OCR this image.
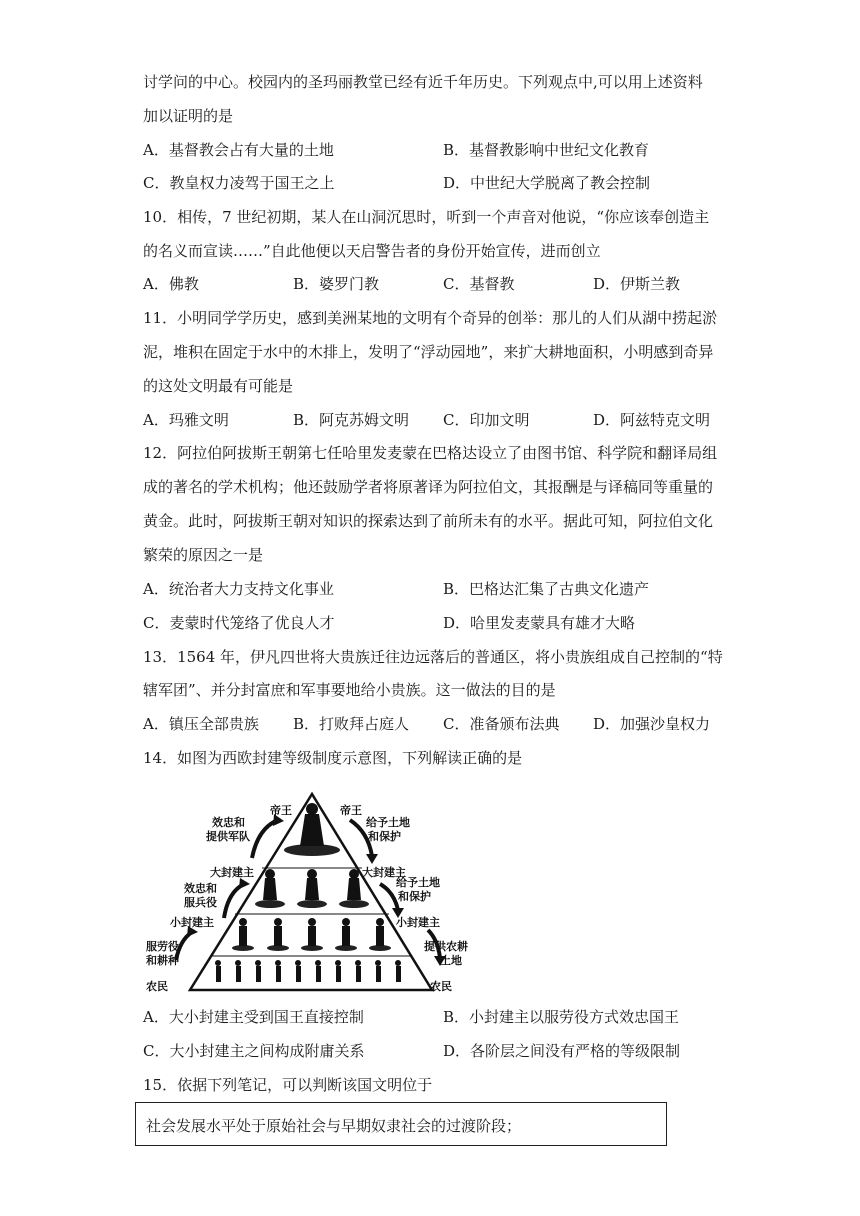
讨学问的中心。校园内的圣玛丽教堂已经有近千年历史。下列观点中,可以用上述资料
加以证明的是
A．基督教会占有大量的土地	B．基督教影响中世纪文化教育
C．教皇权力凌驾于国王之上	D．中世纪大学脱离了教会控制
10．相传，7 世纪初期，某人在山洞沉思时，听到一个声音对他说，“你应该奉创造主
的名义而宣读……”自此他便以天启警告者的身份开始宣传，进而创立
A．佛教	B．婆罗门教	C．基督教	D．伊斯兰教
11．小明同学学历史，感到美洲某地的文明有个奇异的创举：那儿的人们从湖中捞起淤
泥，堆积在固定于水中的木排上，发明了“浮动园地”，来扩大耕地面积，小明感到奇异
的这处文明最有可能是
A．玛雅文明	B．阿克苏姆文明 C．印加文明	D．阿兹特克文明
12．阿拉伯阿拔斯王朝第七任哈里发麦蒙在巴格达设立了由图书馆、科学院和翻译局组
成的著名的学术机构；他还鼓励学者将原著译为阿拉伯文，其报酬是与译稿同等重量的
黄金。此时，阿拔斯王朝对知识的探索达到了前所未有的水平。据此可知，阿拉伯文化
繁荣的原因之一是
A．统治者大力支持文化事业	B．巴格达汇集了古典文化遗产
C．麦蒙时代笼络了优良人才	D．哈里发麦蒙具有雄才大略
13．1564 年，伊凡四世将大贵族迁往边远落后的普通区，将小贵族组成自己控制的“特
辖军团”、并分封富庶和军事要地给小贵族。这一做法的目的是
A．镇压全部贵族 B．打败拜占庭人 C．准备颁布法典 D．加强沙皇权力
14．如图为西欧封建等级制度示意图，下列解读正确的是
帝王	帝王
效忠和
提供军队
大封建主
效忠和
服兵役
小封建主
服劳役
和耕种
农民
给予土地
和保护
大封建主
给予土地
和保护
小封建主
提供农耕
土地
农民
A．大小封建主受到国王直接控制	B．小封建主以服劳役方式效忠国王
C．大小封建主之间构成附庸关系	D．各阶层之间没有严格的等级限制
15．依据下列笔记，可以判断该国文明位于
社会发展水平处于原始社会与早期奴隶社会的过渡阶段；
